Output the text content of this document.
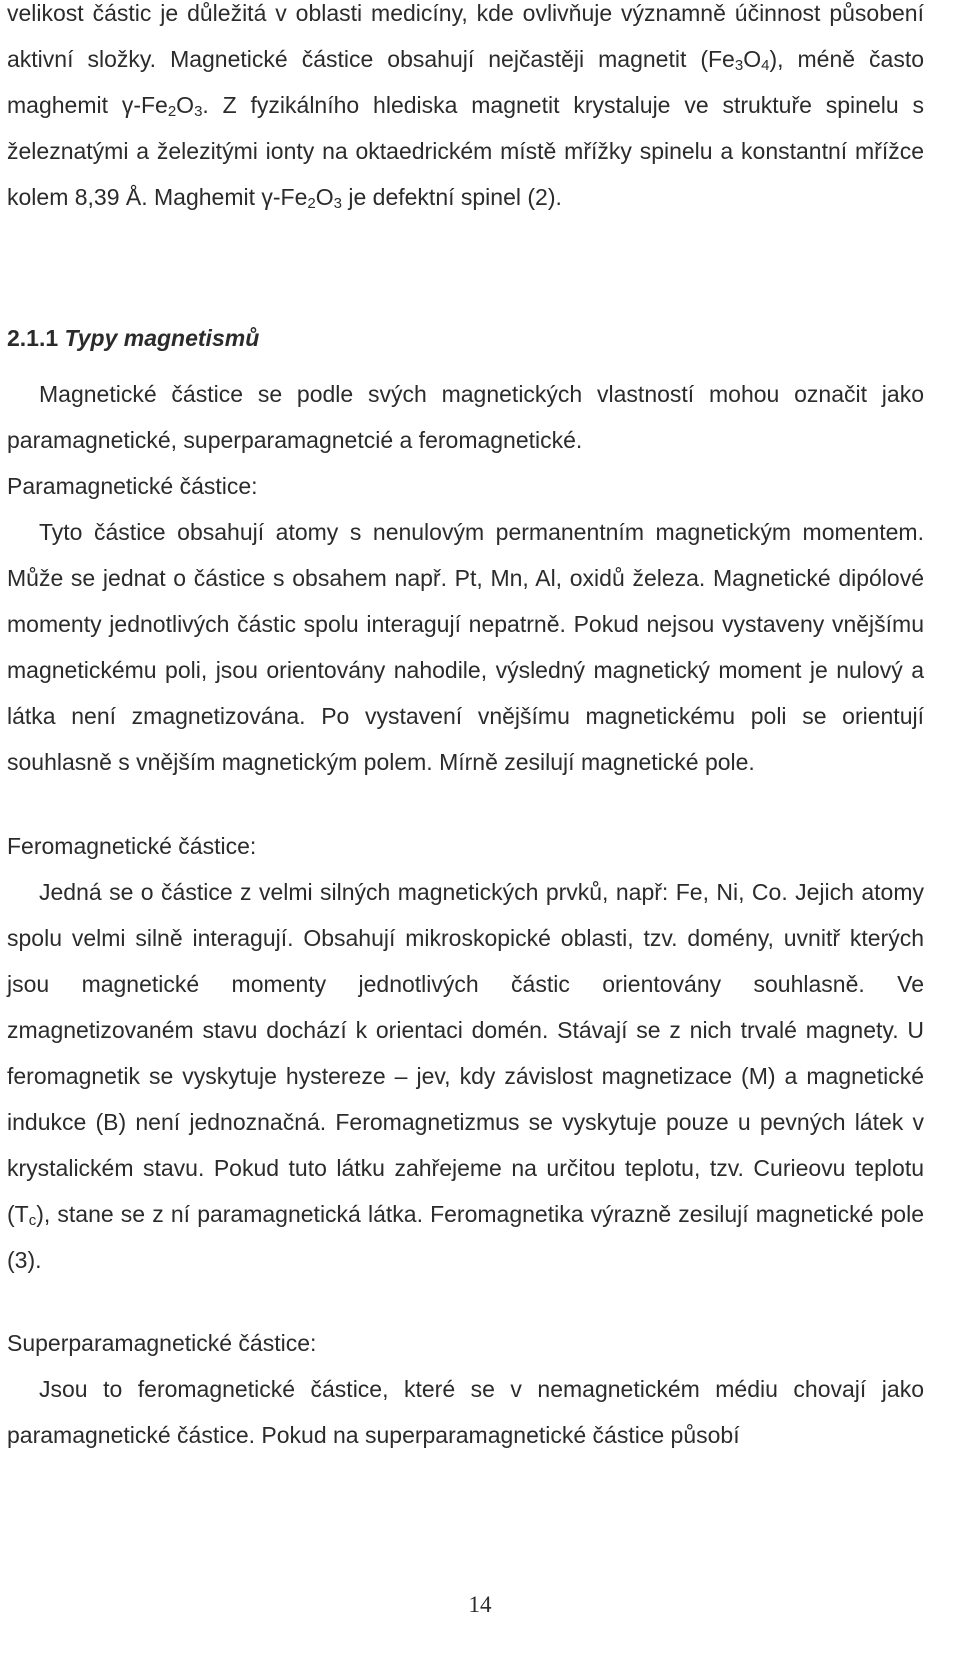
velikost částic je důležitá v oblasti medicíny, kde ovlivňuje významně účinnost působení aktivní složky. Magnetické částice obsahují nejčastěji magnetit $(Fe_3O_4)$, méně často maghemit $\gamma-Fe_2O_3$. Z fyzikálního hlediska magnetit krystaluje ve struktuře spinelu s železnatými a železitými ionty na oktaedrickém místě mřížky spinelu a konstantní mřížce kolem 8,39 Å. Maghemit $\gamma-Fe_2O_3$ je defektní spinel (2).

2.1.1 Typy magnetismů

Magnetické částice se podle svých magnetických vlastností mohou označit jako paramagnetické, superparamagnetcié a feromagnetické.

Paramagnetické částice:

Tyto částice obsahují atomy s nenulovým permanentním magnetickým momentem. Může se jednat o částice s obsahem např. Pt, Mn, Al, oxidů železa. Magnetické dipólové momenty jednotlivých částic spolu interagují nepatrně. Pokud nejsou vystaveny vnějšímu magnetickému poli, jsou orientovány nahodile, výsledný magnetický moment je nulový a látka není zmagnetizována. Po vystavení vnějšímu magnetickému poli se orientují souhlasně s vnějším magnetickým polem. Mírně zesilují magnetické pole.

Feromagnetické částice:

Jedná se o částice z velmi silných magnetických prvků, např: Fe, Ni, Co. Jejich atomy spolu velmi silně interagují. Obsahují mikroskopické oblasti, tzv. domény, uvnitř kterých jsou magnetické momenty jednotlivých částic orientovány souhlasně. Ve zmagnetizovaném stavu dochází k orientaci domén. Stávají se z nich trvalé magnety. U feromagnetik se vyskytuje hystereze – jev, kdy závislost magnetizace (M) a magnetické indukce (B) není jednoznačná. Feromagnetizmus se vyskytuje pouze u pevných látek v krystalickém stavu. Pokud tuto látku zahřejeme na určitou teplotu, tzv. Curieovu teplotu $(T_c)$, stane se z ní paramagnetická látka. Feromagnetika výrazně zesilují magnetické pole (3).

Superparamagnetické částice:

Jsou to feromagnetické částice, které se v nemagnetickém médiu chovají jako paramagnetické částice. Pokud na superparamagnetické částice působí

14
